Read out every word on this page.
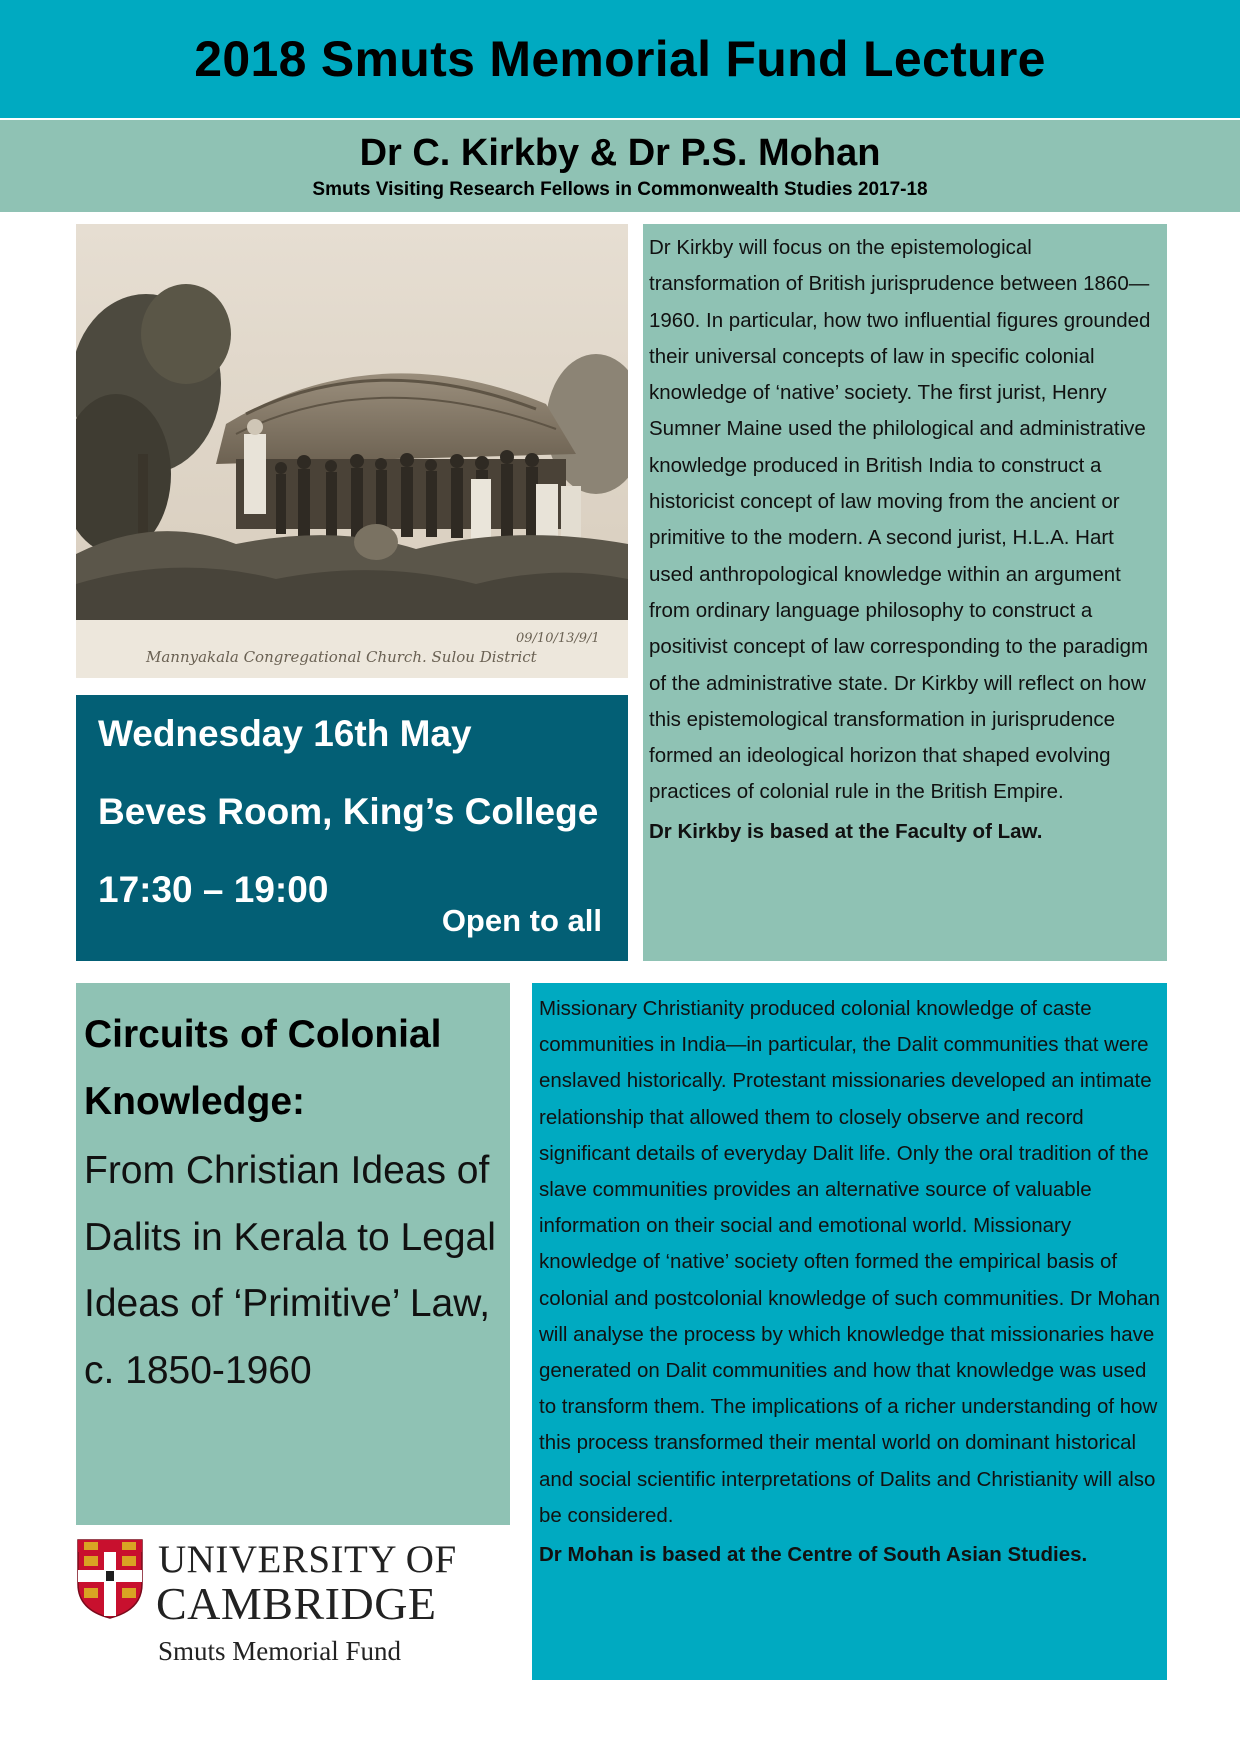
2018 Smuts Memorial Fund Lecture
Dr C. Kirkby & Dr P.S. Mohan
Smuts Visiting Research Fellows in Commonwealth Studies 2017-18
Mannyakala Congregational Church. Sulou District
09/10/13/9/1
Wednesday 16th May
Beves Room, King’s College
17:30 – 19:00
Open to all

Dr Kirkby will focus on the epistemological transformation of British jurisprudence between 1860—1960. In particular, how two influential figures grounded their universal concepts of law in specific colonial knowledge of ‘native’ society. The first jurist, Henry Sumner Maine used the philological and administrative knowledge produced in British India to construct a historicist concept of law moving from the ancient or primitive to the modern. A second jurist, H.L.A. Hart used anthropological knowledge within an argument from ordinary language philosophy to construct a positivist concept of law corresponding to the paradigm of the administrative state. Dr Kirkby will reflect on how this epistemological transformation in jurisprudence formed an ideological horizon that shaped evolving practices of colonial rule in the British Empire.

Dr Kirkby is based at the Faculty of Law.

Circuits of Colonial Knowledge:
From Christian Ideas of Dalits in Kerala to Legal Ideas of ‘Primitive’ Law, c. 1850-1960

Missionary Christianity produced colonial knowledge of caste communities in India—in particular, the Dalit communities that were enslaved historically. Protestant missionaries developed an intimate relationship that allowed them to closely observe and record significant details of everyday Dalit life. Only the oral tradition of the slave communities provides an alternative source of valuable information on their social and emotional world. Missionary knowledge of ‘native’ society often formed the empirical basis of colonial and postcolonial knowledge of such communities. Dr Mohan will analyse the process by which knowledge that missionaries have generated on Dalit communities and how that knowledge was used to transform them. The implications of a richer understanding of how this process transformed their mental world on dominant historical and social scientific interpretations of Dalits and Christianity will also be considered.

Dr Mohan is based at the Centre of South Asian Studies.

UNIVERSITY OF
CAMBRIDGE
Smuts Memorial Fund
